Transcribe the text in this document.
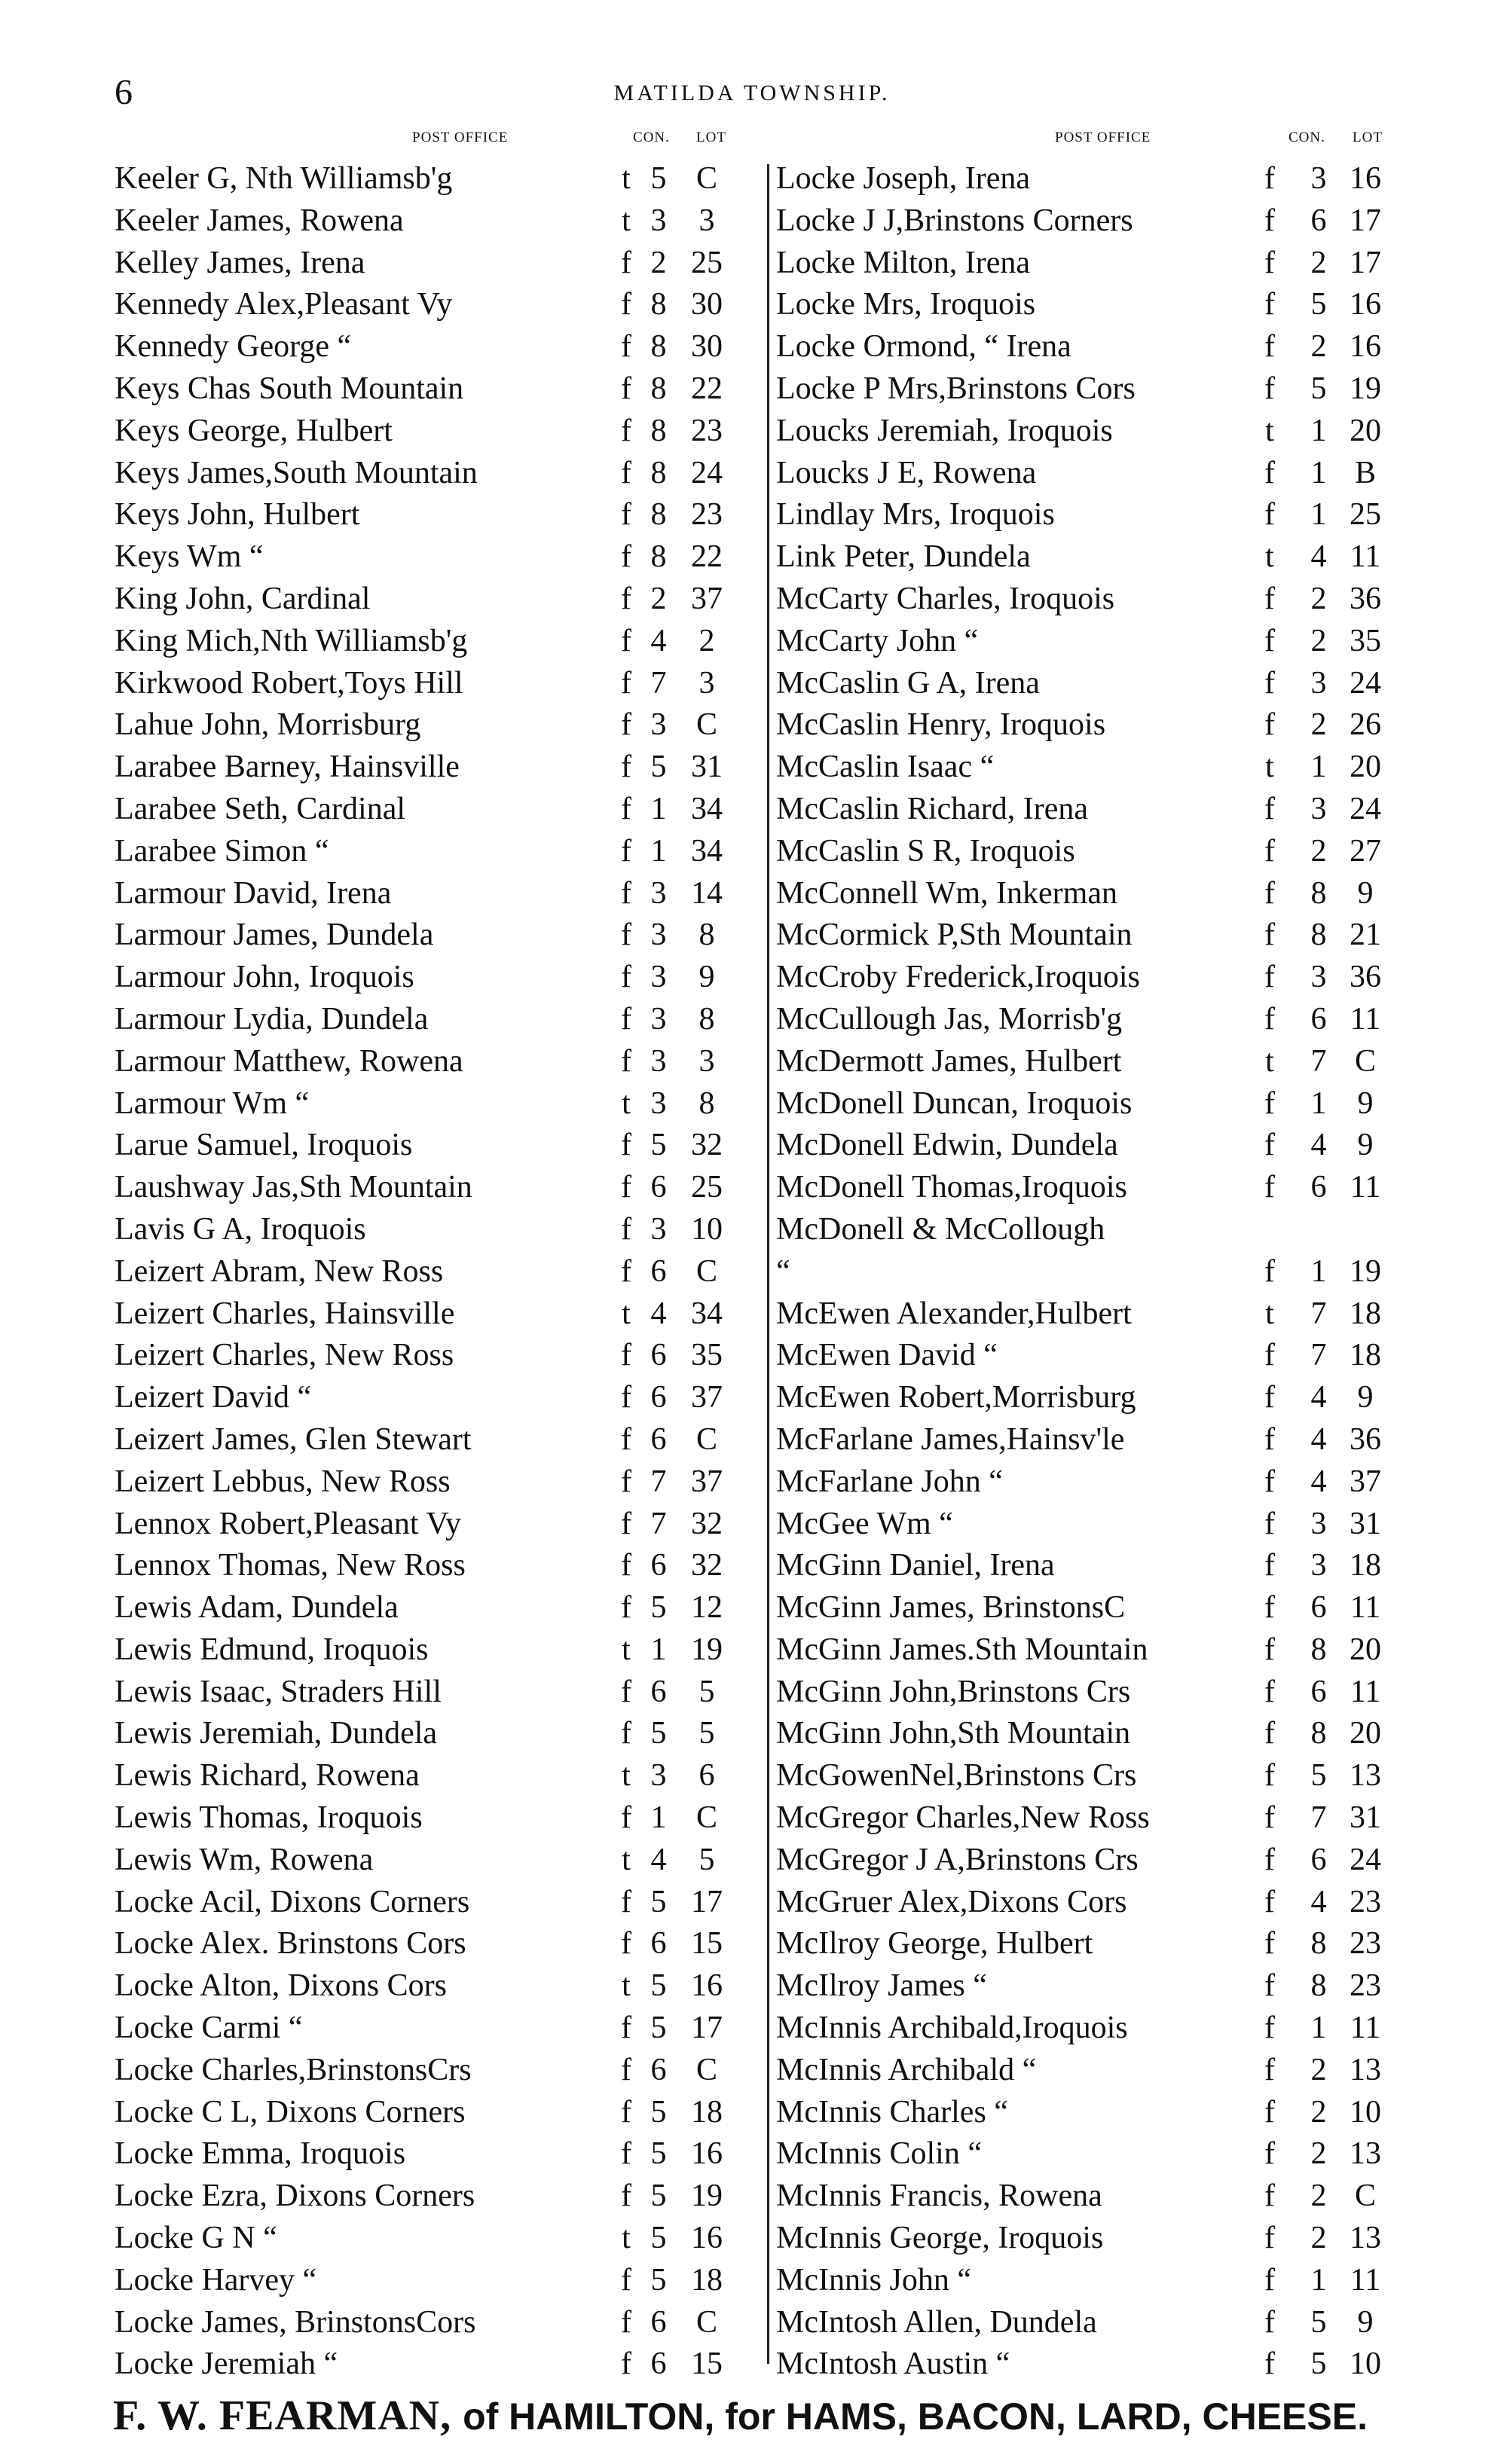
6	MATILDA TOWNSHIP.
POST OFFICE	CON. LOT	POST OFFICE	CON. LOT
Keeler G, Nth Williamsb'g	t 5 C
Keeler James, Rowena	t 3	3
Kelley James, Irena	f 2 25
Kennedy Alex,Pleasant Vy	f 8 30
Kennedy George “	f 8 30
Keys Chas South Mountain	f 8 22
Keys George, Hulbert	f 8 23
Keys James,South Mountain	f 8 24
Keys John, Hulbert	f 8 23
Keys Wm “	f 8 22
King John, Cardinal	f 2 37
King Mich,Nth Williamsb'g	f 4	2
Kirkwood Robert,Toys Hill	f 7	3
Lahue John, Morrisburg	f 3 C
Larabee Barney, Hainsville	f 5 31
Larabee Seth, Cardinal	f 1 34
Larabee Simon “	f 1 34
Larmour David, Irena	f 3 14
Larmour James, Dundela	f 3	8
Larmour John, Iroquois	f 3	9
Larmour Lydia, Dundela	f 3	8
Larmour Matthew, Rowena	f 3	3
Larmour Wm “	t 3	8
Larue Samuel, Iroquois	f 5 32
Laushway Jas,Sth Mountain	f 6 25
Lavis G A, Iroquois	f 3 10
Leizert Abram, New Ross	f 6 C
Leizert Charles, Hainsville	t 4 34
Leizert Charles, New Ross	f 6 35
Leizert David “	f 6 37
Leizert James, Glen Stewart	f 6 C
Leizert Lebbus, New Ross	f 7 37
Lennox Robert,Pleasant Vy	f 7 32
Lennox Thomas, New Ross	f 6 32
Lewis Adam, Dundela	f 5 12
Lewis Edmund, Iroquois	t 1 19
Lewis Isaac, Straders Hill	f 6	5
Lewis Jeremiah, Dundela	f 5	5
Lewis Richard, Rowena	t 3	6
Lewis Thomas, Iroquois	f 1 C
Lewis Wm, Rowena	t 4	5
Locke Acil, Dixons Corners	f 5 17
Locke Alex. Brinstons Cors	f 6 15
Locke Alton, Dixons Cors	t 5 16
Locke Carmi “	f 5 17
Locke Charles,BrinstonsCrs	f 6 C
Locke C L, Dixons Corners	f 5 18
Locke Emma, Iroquois	f 5 16
Locke Ezra, Dixons Corners	f 5 19
Locke G N “	t 5 16
Locke Harvey “	f 5 18
Locke James, BrinstonsCors	f 6 C
Locke Jeremiah “	f 6 15
Locke Joseph, Irena	f 3 16
Locke J J,Brinstons Corners	f 6 17
Locke Milton, Irena	f 2 17
Locke Mrs, Iroquois	f 5 16
Locke Ormond, “ Irena	f 2 16
Locke P Mrs,Brinstons Cors	f 5 19
Loucks Jeremiah, Iroquois	t 1 20
Loucks J E, Rowena	f 1 B
Lindlay Mrs, Iroquois	f 1 25
Link Peter, Dundela	t 4 11
McCarty Charles, Iroquois	f 2 36
McCarty John “	f 2 35
McCaslin G A, Irena	f 3 24
McCaslin Henry, Iroquois	f 2 26
McCaslin Isaac “	t 1 20
McCaslin Richard, Irena	f 3 24
McCaslin S R, Iroquois	f 2 27
McConnell Wm, Inkerman	f 8 9
McCormick P,Sth Mountain	f 8 21
McCroby Frederick,Iroquois	f 3 36
McCullough Jas, Morrisb'g	f 6 11
McDermott James, Hulbert	t 7 C
McDonell Duncan, Iroquois	f 1 9
McDonell Edwin, Dundela	f 4 9
McDonell Thomas,Iroquois	f 6 11
McDonell & McCollough
“	f 1 19
McEwen Alexander,Hulbert	t 7 18
McEwen David “	f 7 18
McEwen Robert,Morrisburg	f 4 9
McFarlane James,Hainsv'le	f 4 36
McFarlane John “	f 4 37
McGee Wm “	f 3 31
McGinn Daniel, Irena	f 3 18
McGinn James, BrinstonsC	f 6 11
McGinn James.Sth Mountain	f 8 20
McGinn John,Brinstons Crs	f 6 11
McGinn John,Sth Mountain	f 8 20
McGowenNel,Brinstons Crs	f 5 13
McGregor Charles,New Ross	f 7 31
McGregor J A,Brinstons Crs	f 6 24
McGruer Alex,Dixons Cors	f 4 23
McIlroy George, Hulbert	f 8 23
McIlroy James “	f 8 23
McInnis Archibald,Iroquois	f 1 11
McInnis Archibald “	f 2 13
McInnis Charles “	f 2 10
McInnis Colin “	f 2 13
McInnis Francis, Rowena	f 2 C
McInnis George, Iroquois	f 2 13
McInnis John “	f 1 11
McIntosh Allen, Dundela	f 5 9
McIntosh Austin “	f 5 10
F. W. FEARMAN, of HAMILTON, for HAMS, BACON, LARD, CHEESE.
